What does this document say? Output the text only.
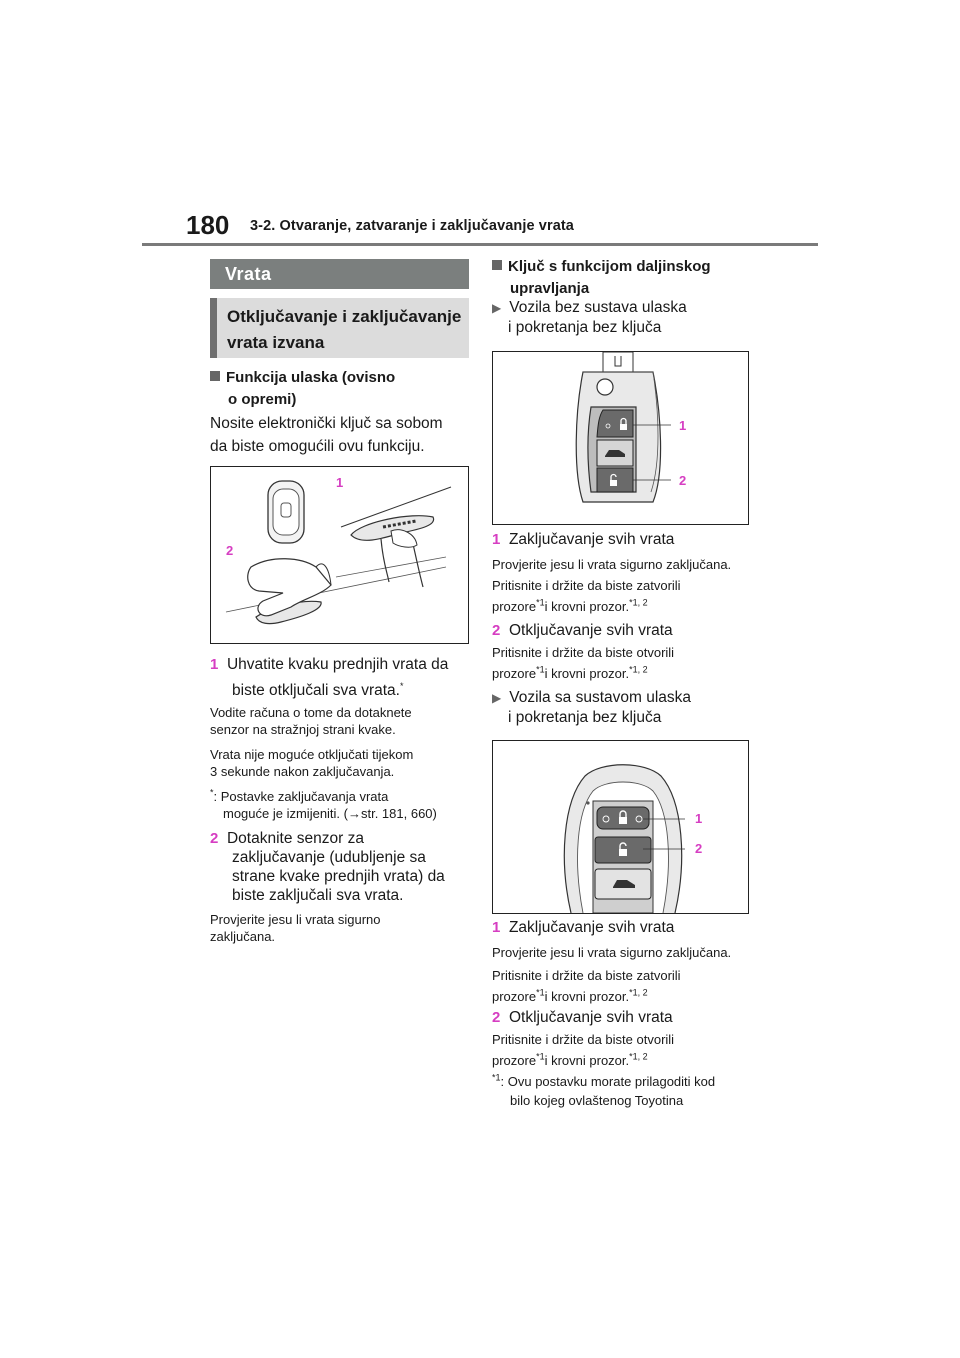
180 3-2. Otvaranje, zatvaranje i zaključavanje vrata
Vrata
Otključavanje i zaključavanje
vrata izvana
Funkcija ulaska (ovisno
o opremi)
Nosite elektronički ključ sa sobom
da biste omogućili ovu funkciju.
1
2
1 Uhvatite kvaku prednjih vrata da
biste otključali sva vrata.*
Vodite računa o tome da dotaknete
senzor na stražnjoj strani kvake.
Vrata nije moguće otključati tijekom
3 sekunde nakon zaključavanja.
*: Postavke zaključavanja vrata
moguće je izmijeniti. (→str. 181, 660)
2 Dotaknite senzor za
zaključavanje (udubljenje sa
strane kvake prednjih vrata) da
biste zaključali sva vrata.
Provjerite jesu li vrata sigurno
zaključana.
Ključ s funkcijom daljinskog
upravljanja
▶ Vozila bez sustava ulaska
i pokretanja bez ključa
1
2
1 Zaključavanje svih vrata
Provjerite jesu li vrata sigurno zaključana.
Pritisnite i držite da biste zatvorili
prozore$^{*1}$i krovni prozor.$^{*1, 2}$
2 Otključavanje svih vrata
Pritisnite i držite da biste otvorili
prozore$^{*1}$i krovni prozor.$^{*1, 2}$
▶ Vozila sa sustavom ulaska
i pokretanja bez ključa
1
2
1 Zaključavanje svih vrata
Provjerite jesu li vrata sigurno zaključana.
Pritisnite i držite da biste zatvorili
prozore$^{*1}$i krovni prozor.$^{*1, 2}$
2 Otključavanje svih vrata
Pritisnite i držite da biste otvorili
prozore$^{*1}$i krovni prozor.$^{*1, 2}$
$^{*1}$: Ovu postavku morate prilagoditi kod
bilo kojeg ovlaštenog Toyotina
